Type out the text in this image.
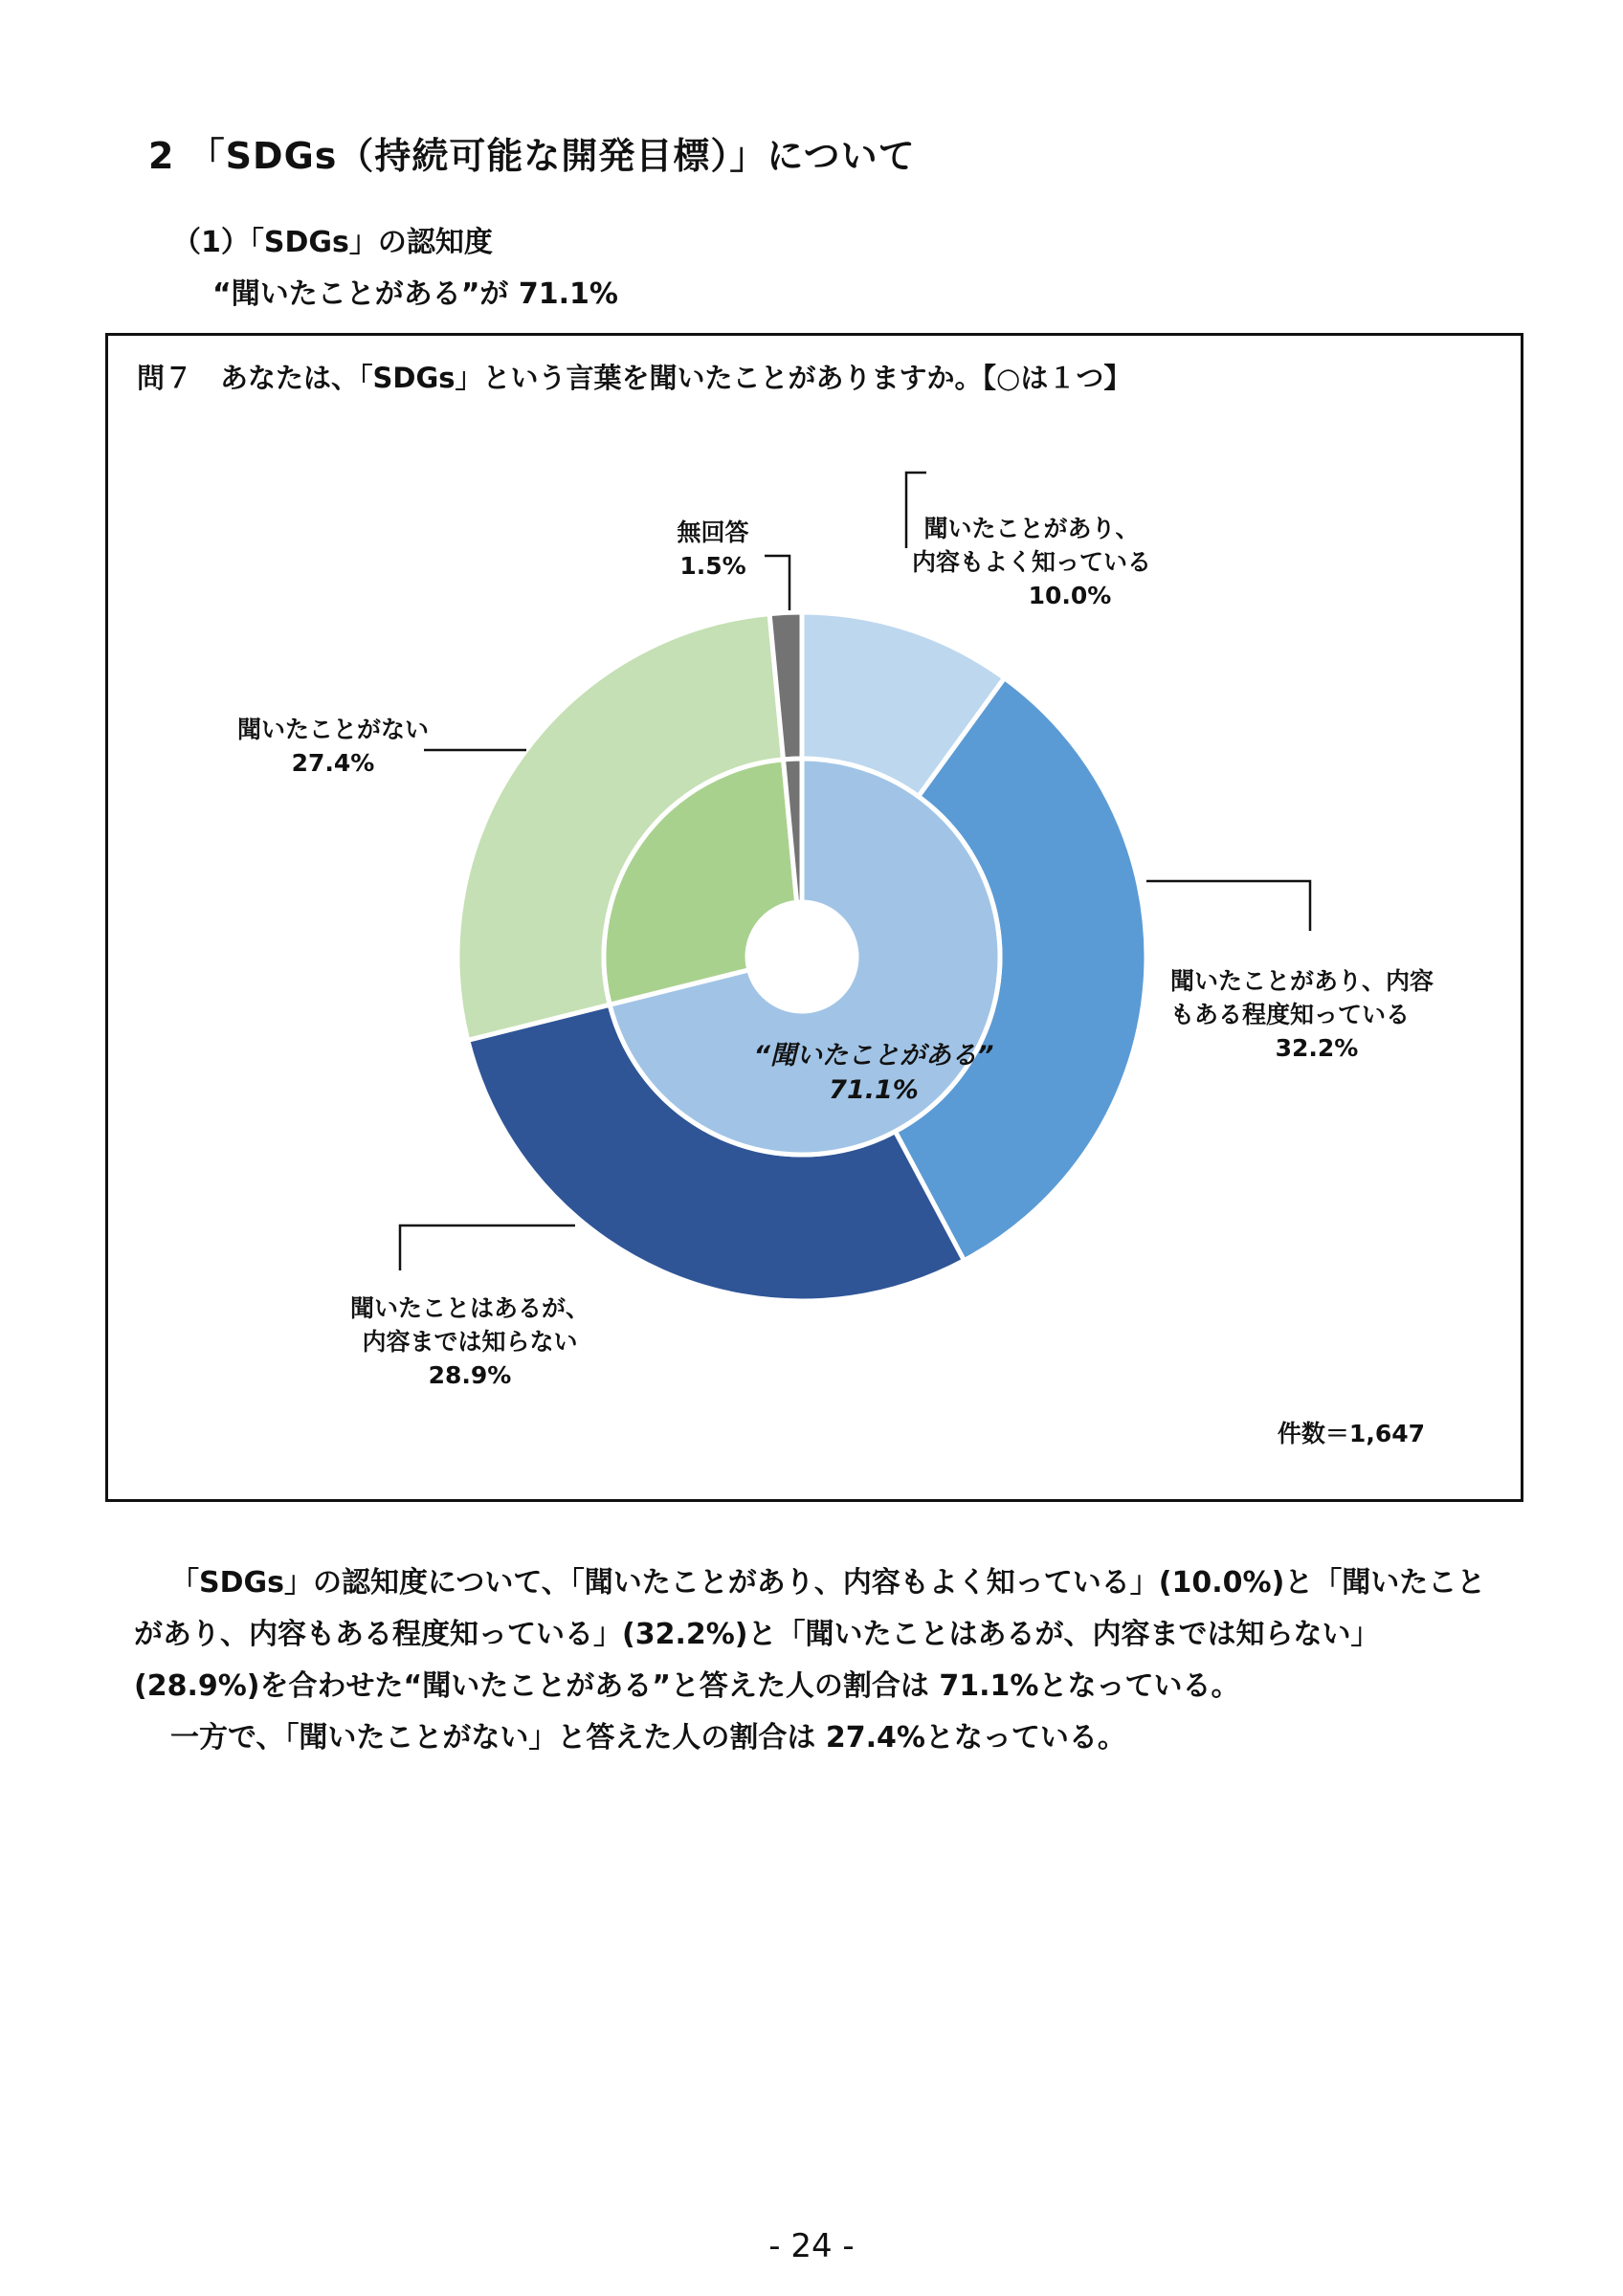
2 「SDGs（持続可能な開発目標）」について
（1）「SDGs」の認知度
“聞いたことがある”が 71.1%
問７　あなたは、「SDGs」という言葉を聞いたことがありますか。【○は１つ】
聞いたことがあり、
内容もよく知っている
10.0%
聞いたことがあり、内容
もある程度知っている
32.2%
聞いたことはあるが、
内容までは知らない
28.9%
聞いたことがない
27.4%
無回答
1.5%
“聞いたことがある”
71.1%
件数＝1,647

「SDGs」の認知度について、「聞いたことがあり、内容もよく知っている」(10.0%)と「聞いたことがあり、内容もある程度知っている」(32.2%)と「聞いたことはあるが、内容までは知らない」(28.9%)を合わせた“聞いたことがある”と答えた人の割合は 71.1%となっている。

一方で、「聞いたことがない」と答えた人の割合は 27.4%となっている。

- 24 -
